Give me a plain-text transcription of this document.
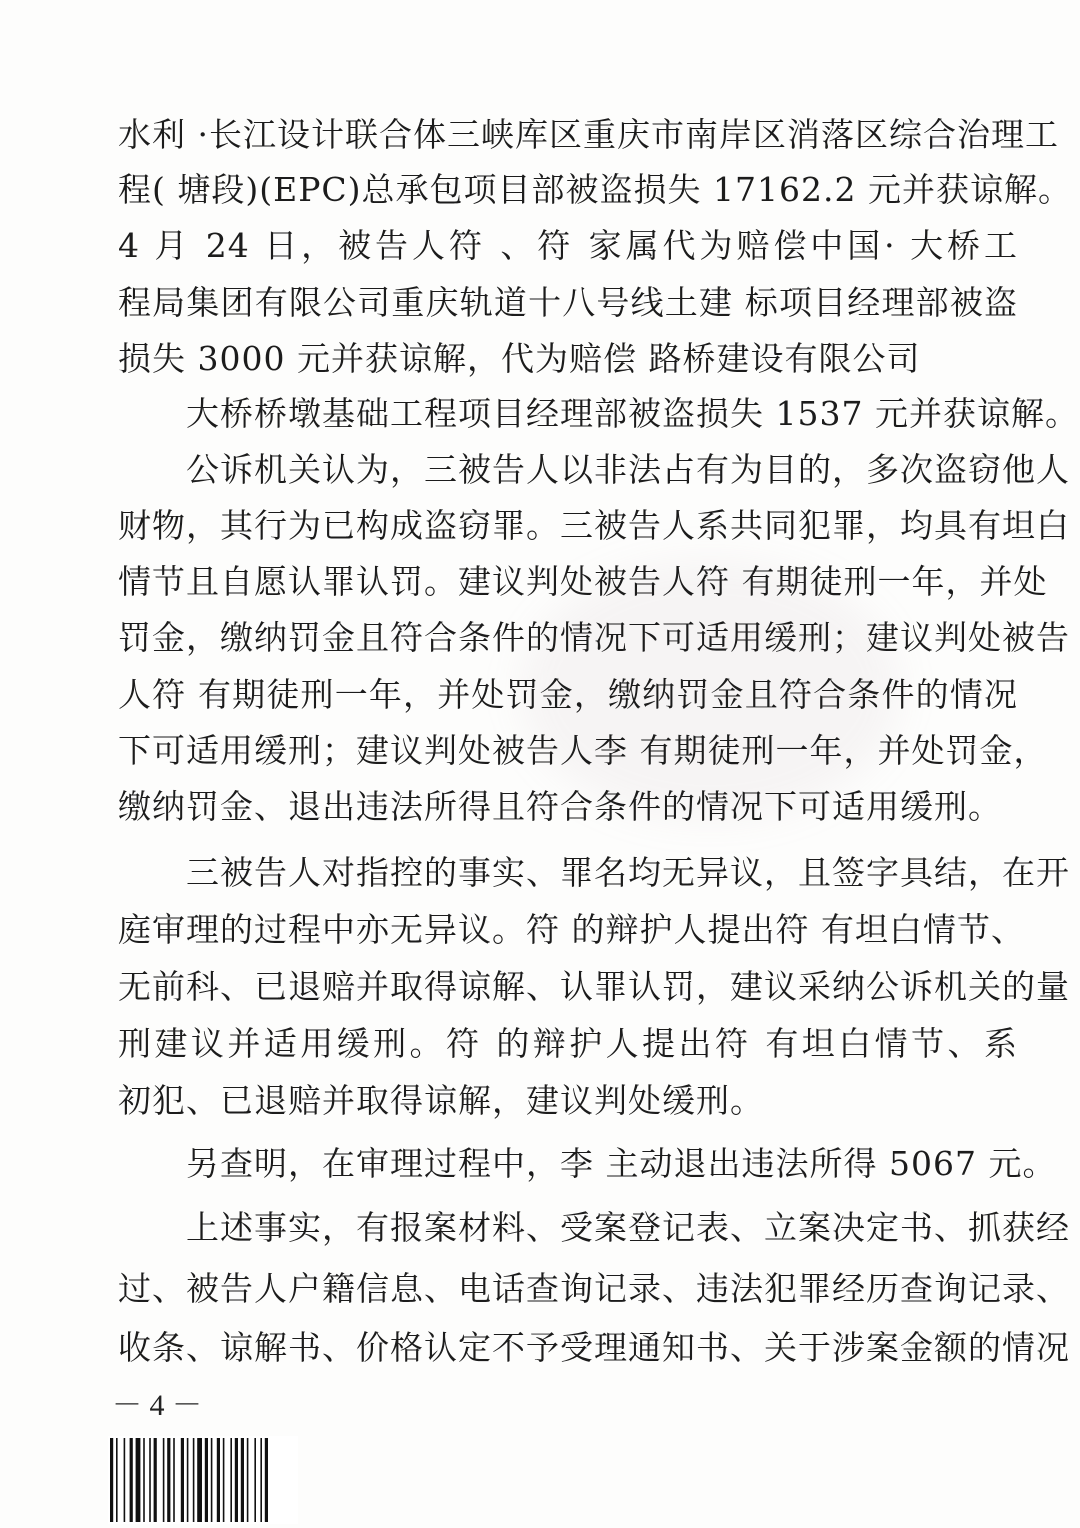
水利 ·长江设计联合体三峡库区重庆市南岸区消落区综合治理工
程( 塘段)(EPC)总承包项目部被盗损失 17162.2 元并获谅解。
4 月 24 日，被告人符 、符 家属代为赔偿中国· 大桥工
程局集团有限公司重庆轨道十八号线土建 标项目经理部被盗
损失 3000 元并获谅解，代为赔偿 路桥建设有限公司
大桥桥墩基础工程项目经理部被盗损失 1537 元并获谅解。
公诉机关认为，三被告人以非法占有为目的，多次盗窃他人
财物，其行为已构成盗窃罪。三被告人系共同犯罪，均具有坦白
情节且自愿认罪认罚。建议判处被告人符 有期徒刑一年，并处
罚金，缴纳罚金且符合条件的情况下可适用缓刑；建议判处被告
人符 有期徒刑一年，并处罚金，缴纳罚金且符合条件的情况
下可适用缓刑；建议判处被告人李 有期徒刑一年，并处罚金，
缴纳罚金、退出违法所得且符合条件的情况下可适用缓刑。
三被告人对指控的事实、罪名均无异议，且签字具结，在开
庭审理的过程中亦无异议。符 的辩护人提出符 有坦白情节、
无前科、已退赔并取得谅解、认罪认罚，建议采纳公诉机关的量
刑建议并适用缓刑。符 的辩护人提出符 有坦白情节、系
初犯、已退赔并取得谅解，建议判处缓刑。
另查明，在审理过程中，李 主动退出违法所得 5067 元。
上述事实，有报案材料、受案登记表、立案决定书、抓获经
过、被告人户籍信息、电话查询记录、违法犯罪经历查询记录、
收条、谅解书、价格认定不予受理通知书、关于涉案金额的情况
－ 4 －
